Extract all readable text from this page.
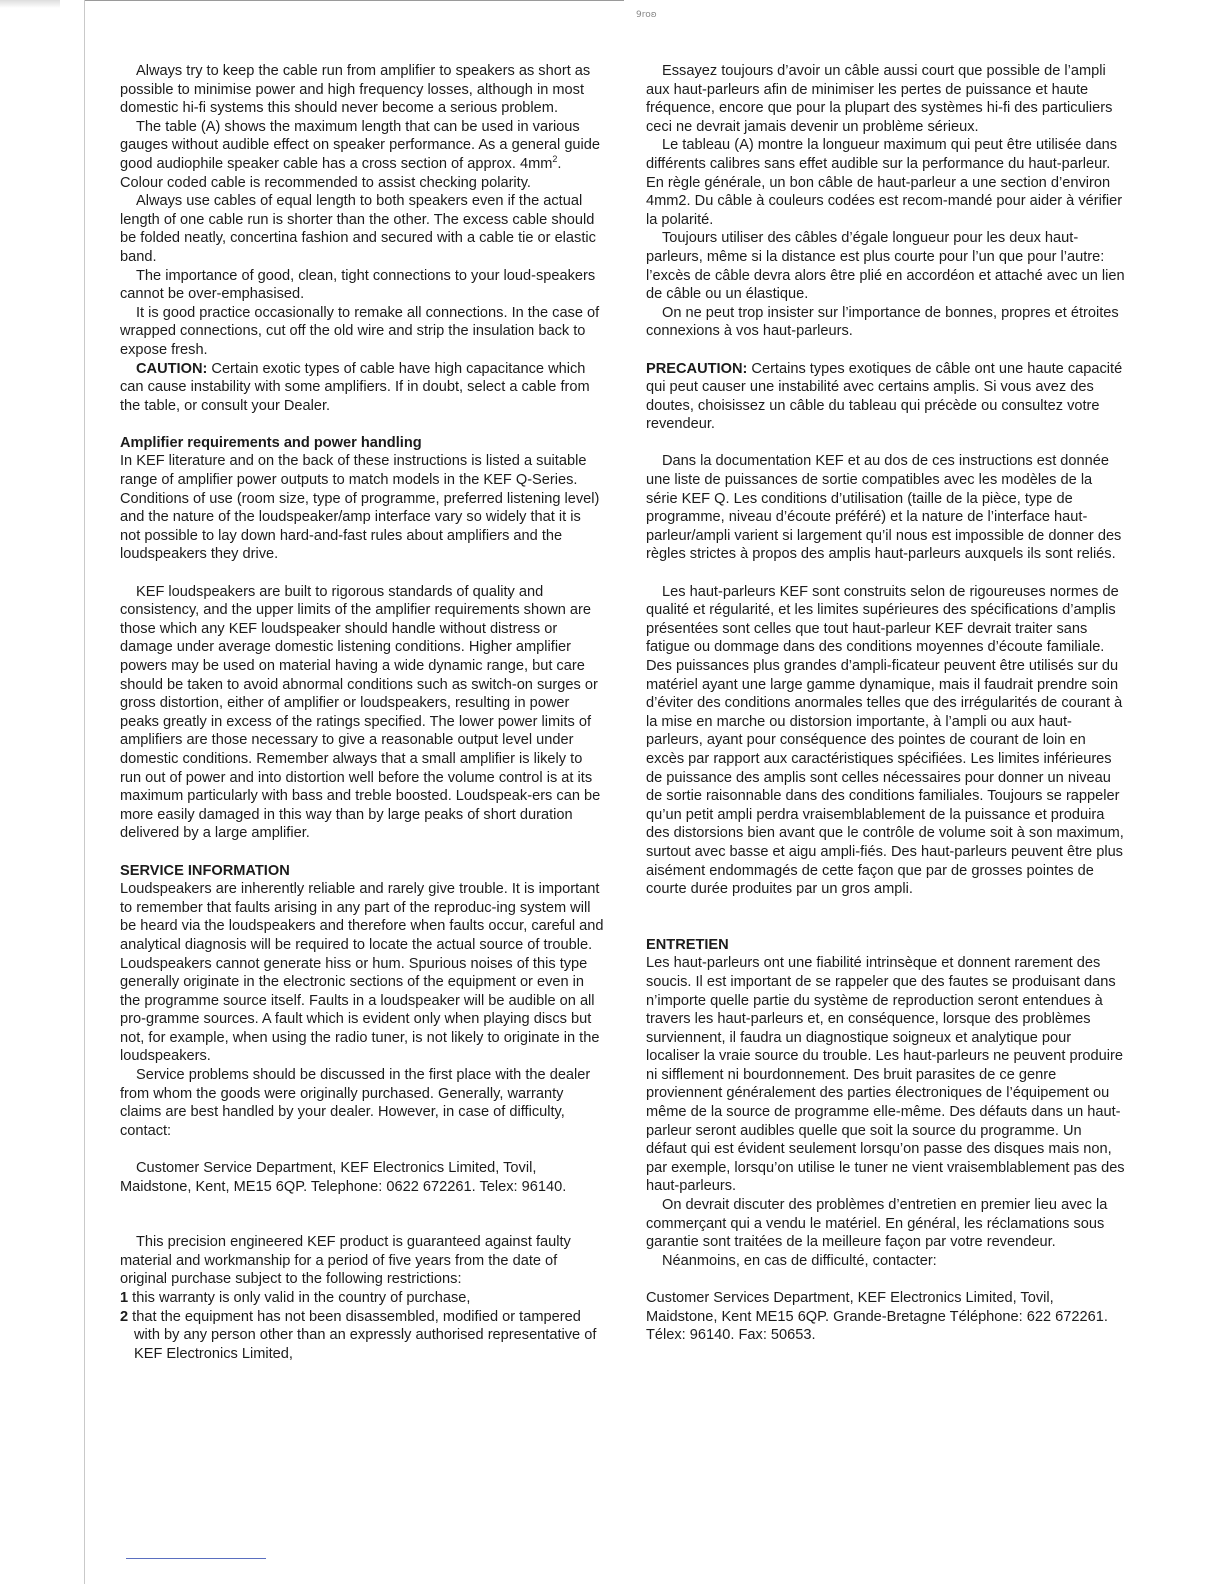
9roʚ

Always try to keep the cable run from amplifier to speakers as short as possible to minimise power and high frequency losses, although in most domestic hi-fi systems this should never become a serious problem.

The table (A) shows the maximum length that can be used in various gauges without audible effect on speaker performance. As a general guide good audiophile speaker cable has a cross section of approx. $4mm^2$. Colour coded cable is recommended to assist checking polarity.

Always use cables of equal length to both speakers even if the actual length of one cable run is shorter than the other. The excess cable should be folded neatly, concertina fashion and secured with a cable tie or elastic band.

The importance of good, clean, tight connections to your loud-speakers cannot be over-emphasised.

It is good practice occasionally to remake all connections. In the case of wrapped connections, cut off the old wire and strip the insulation back to expose fresh.

CAUTION: Certain exotic types of cable have high capacitance which can cause instability with some amplifiers. If in doubt, select a cable from the table, or consult your Dealer.

Amplifier requirements and power handling

In KEF literature and on the back of these instructions is listed a suitable range of amplifier power outputs to match models in the KEF Q-Series. Conditions of use (room size, type of programme, preferred listening level) and the nature of the loudspeaker/amp interface vary so widely that it is not possible to lay down hard-and-fast rules about amplifiers and the loudspeakers they drive.

KEF loudspeakers are built to rigorous standards of quality and consistency, and the upper limits of the amplifier requirements shown are those which any KEF loudspeaker should handle without distress or damage under average domestic listening conditions. Higher amplifier powers may be used on material having a wide dynamic range, but care should be taken to avoid abnormal conditions such as switch-on surges or gross distortion, either of amplifier or loudspeakers, resulting in power peaks greatly in excess of the ratings specified. The lower power limits of amplifiers are those necessary to give a reasonable output level under domestic conditions. Remember always that a small amplifier is likely to run out of power and into distortion well before the volume control is at its maximum particularly with bass and treble boosted. Loudspeak-ers can be more easily damaged in this way than by large peaks of short duration delivered by a large amplifier.

SERVICE INFORMATION

Loudspeakers are inherently reliable and rarely give trouble. It is important to remember that faults arising in any part of the reproduc-ing system will be heard via the loudspeakers and therefore when faults occur, careful and analytical diagnosis will be required to locate the actual source of trouble. Loudspeakers cannot generate hiss or hum. Spurious noises of this type generally originate in the electronic sections of the equipment or even in the programme source itself. Faults in a loudspeaker will be audible on all pro-gramme sources. A fault which is evident only when playing discs but not, for example, when using the radio tuner, is not likely to originate in the loudspeakers.

Service problems should be discussed in the first place with the dealer from whom the goods were originally purchased. Generally, warranty claims are best handled by your dealer. However, in case of difficulty, contact:

Customer Service Department, KEF Electronics Limited, Tovil, Maidstone, Kent, ME15 6QP. Telephone: 0622 672261. Telex: 96140.

This precision engineered KEF product is guaranteed against faulty material and workmanship for a period of five years from the date of original purchase subject to the following restrictions:

1 this warranty is only valid in the country of purchase,

2 that the equipment has not been disassembled, modified or tampered with by any person other than an expressly authorised representative of KEF Electronics Limited,

Essayez toujours d’avoir un câble aussi court que possible de l’ampli aux haut-parleurs afin de minimiser les pertes de puissance et haute fréquence, encore que pour la plupart des systèmes hi-fi des particuliers ceci ne devrait jamais devenir un problème sérieux.

Le tableau (A) montre la longueur maximum qui peut être utilisée dans différents calibres sans effet audible sur la performance du haut-parleur. En règle générale, un bon câble de haut-parleur a une section d’environ 4mm2. Du câble à couleurs codées est recom-mandé pour aider à vérifier la polarité.

Toujours utiliser des câbles d’égale longueur pour les deux haut-parleurs, même si la distance est plus courte pour l’un que pour l’autre: l’excès de câble devra alors être plié en accordéon et attaché avec un lien de câble ou un élastique.

On ne peut trop insister sur l’importance de bonnes, propres et étroites connexions à vos haut-parleurs.

PRECAUTION: Certains types exotiques de câble ont une haute capacité qui peut causer une instabilité avec certains amplis. Si vous avez des doutes, choisissez un câble du tableau qui précède ou consultez votre revendeur.

Dans la documentation KEF et au dos de ces instructions est donnée une liste de puissances de sortie compatibles avec les modèles de la série KEF Q. Les conditions d’utilisation (taille de la pièce, type de programme, niveau d’écoute préféré) et la nature de l’interface haut-parleur/ampli varient si largement qu’il nous est impossible de donner des règles strictes à propos des amplis haut-parleurs auxquels ils sont reliés.

Les haut-parleurs KEF sont construits selon de rigoureuses normes de qualité et régularité, et les limites supérieures des spécifications d’amplis présentées sont celles que tout haut-parleur KEF devrait traiter sans fatigue ou dommage dans des conditions moyennes d’écoute familiale. Des puissances plus grandes d’ampli-ficateur peuvent être utilisés sur du matériel ayant une large gamme dynamique, mais il faudrait prendre soin d’éviter des conditions anormales telles que des irrégularités de courant à la mise en marche ou distorsion importante, à l’ampli ou aux haut-parleurs, ayant pour conséquence des pointes de courant de loin en excès par rapport aux caractéristiques spécifiées. Les limites inférieures de puissance des amplis sont celles nécessaires pour donner un niveau de sortie raisonnable dans des conditions familiales. Toujours se rappeler qu’un petit ampli perdra vraisemblablement de la puissance et produira des distorsions bien avant que le contrôle de volume soit à son maximum, surtout avec basse et aigu ampli-fiés. Des haut-parleurs peuvent être plus aisément endommagés de cette façon que par de grosses pointes de courte durée produites par un gros ampli.

ENTRETIEN

Les haut-parleurs ont une fiabilité intrinsèque et donnent rarement des soucis. Il est important de se rappeler que des fautes se produisant dans n’importe quelle partie du système de reproduction seront entendues à travers les haut-parleurs et, en conséquence, lorsque des problèmes surviennent, il faudra un diagnostique soigneux et analytique pour localiser la vraie source du trouble. Les haut-parleurs ne peuvent produire ni sifflement ni bourdonnement. Des bruit parasites de ce genre proviennent généralement des parties électroniques de l’équipement ou même de la source de programme elle-même. Des défauts dans un haut-parleur seront audibles quelle que soit la source du programme. Un défaut qui est évident seulement lorsqu’on passe des disques mais non, par exemple, lorsqu’on utilise le tuner ne vient vraisemblablement pas des haut-parleurs.

On devrait discuter des problèmes d’entretien en premier lieu avec la commerçant qui a vendu le matériel. En général, les réclamations sous garantie sont traitées de la meilleure façon par votre revendeur.

Néanmoins, en cas de difficulté, contacter:

Customer Services Department, KEF Electronics Limited, Tovil, Maidstone, Kent ME15 6QP. Grande-Bretagne Téléphone: 622 672261. Télex: 96140. Fax: 50653.
